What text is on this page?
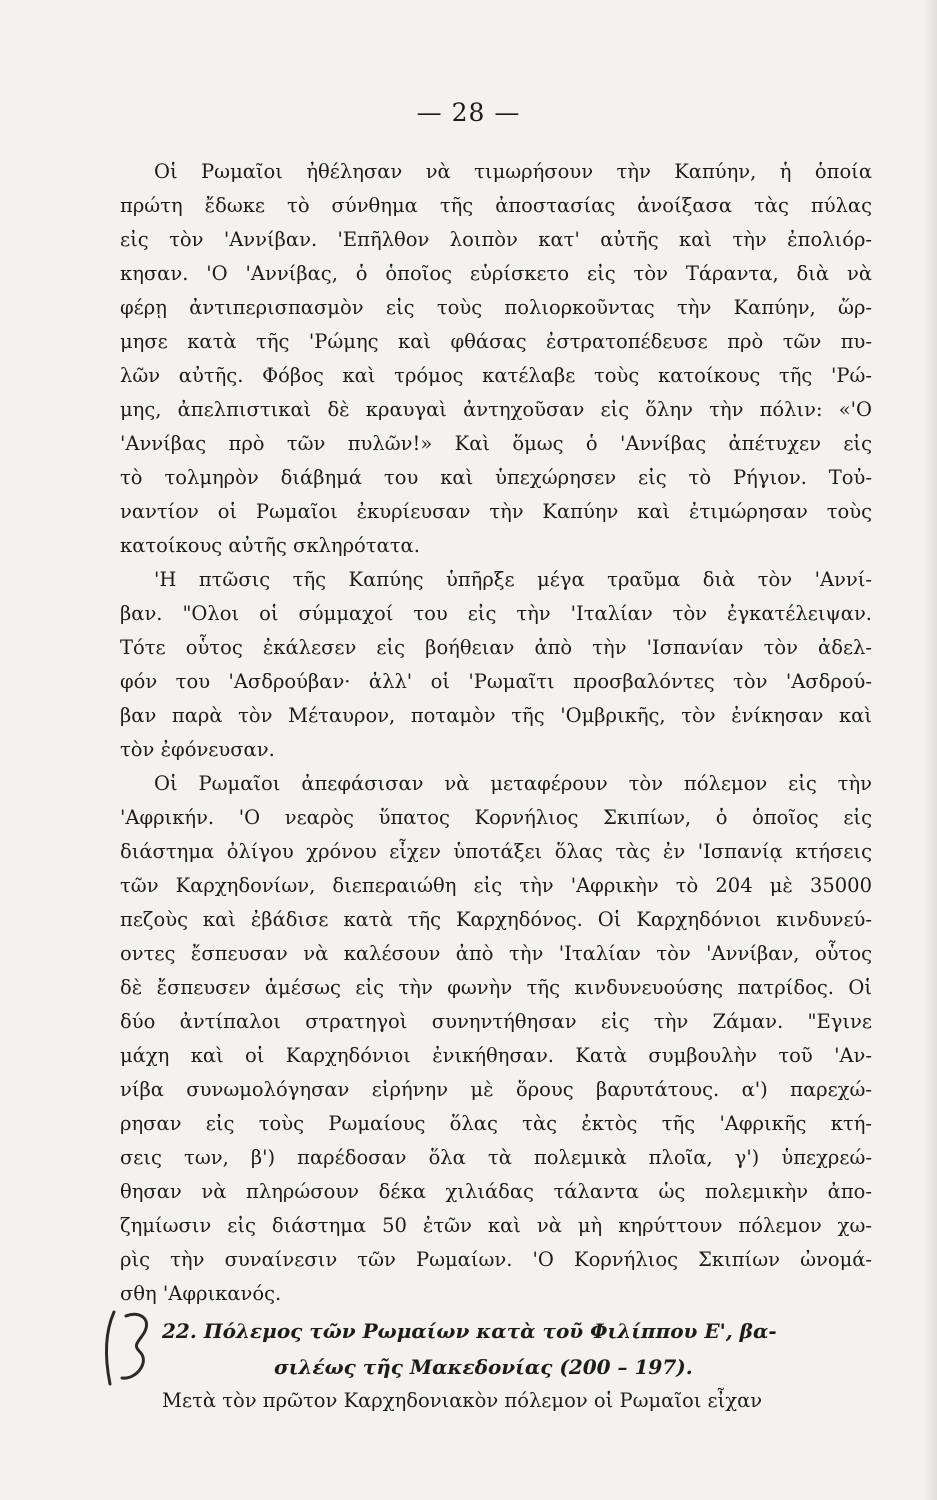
— 28 —
Οἱ Ρωμαῖοι ἠθέλησαν νὰ τιμωρήσουν τὴν Καπύην, ἡ ὁποία
πρώτη ἔδωκε τὸ σύνθημα τῆς ἀποστασίας ἀνοίξασα τὰς πύλας
εἰς τὸν 'Αννίβαν. 'Επῆλθον λοιπὸν κατ' αὐτῆς καὶ τὴν ἐπολιόρ-
κησαν. 'Ο 'Αννίβας, ὁ ὁποῖος εὑρίσκετο εἰς τὸν Τάραντα, διὰ νὰ
φέρῃ ἀντιπερισπασμὸν εἰς τοὺς πολιορκοῦντας τὴν Καπύην, ὥρ-
μησε κατὰ τῆς 'Ρώμης καὶ φθάσας ἐστρατοπέδευσε πρὸ τῶν πυ-
λῶν αὐτῆς. Φόβος καὶ τρόμος κατέλαβε τοὺς κατοίκους τῆς 'Ρώ-
μης, ἀπελπιστικαὶ δὲ κραυγαὶ ἀντηχοῦσαν εἰς ὅλην τὴν πόλιν: «'Ο
'Αννίβας πρὸ τῶν πυλῶν!» Καὶ ὅμως ὁ 'Αννίβας ἀπέτυχεν εἰς
τὸ τολμηρὸν διάβημά του καὶ ὑπεχώρησεν εἰς τὸ Ρήγιον. Τοὐ-
ναντίον οἱ Ρωμαῖοι ἐκυρίευσαν τὴν Καπύην καὶ ἐτιμώρησαν τοὺς
κατοίκους αὐτῆς σκληρότατα.
'Η πτῶσις τῆς Καπύης ὑπῆρξε μέγα τραῦμα διὰ τὸν 'Αννί-
βαν. "Ολοι οἱ σύμμαχοί του εἰς τὴν 'Ιταλίαν τὸν ἐγκατέλειψαν.
Τότε οὗτος ἐκάλεσεν εἰς βοήθειαν ἀπὸ τὴν 'Ισπανίαν τὸν ἀδελ-
φόν του 'Ασδρούβαν· ἀλλ' οἱ 'Ρωμαῖτι προσβαλόντες τὸν 'Ασδρού-
βαν παρὰ τὸν Μέταυρον, ποταμὸν τῆς 'Ομβρικῆς, τὸν ἐνίκησαν καὶ
τὸν ἐφόνευσαν.
Οἱ Ρωμαῖοι ἀπεφάσισαν νὰ μεταφέρουν τὸν πόλεμον εἰς τὴν
'Αφρικήν. 'Ο νεαρὸς ὕπατος Κορνήλιος Σκιπίων, ὁ ὁποῖος εἰς
διάστημα ὀλίγου χρόνου εἶχεν ὑποτάξει ὅλας τὰς ἐν 'Ισπανίᾳ κτήσεις
τῶν Καρχηδονίων, διεπεραιώθη εἰς τὴν 'Αφρικὴν τὸ 204 μὲ 35000
πεζοὺς καὶ ἐβάδισε κατὰ τῆς Καρχηδόνος. Οἱ Καρχηδόνιοι κινδυνεύ-
οντες ἔσπευσαν νὰ καλέσουν ἀπὸ τὴν 'Ιταλίαν τὸν 'Αννίβαν, οὗτος
δὲ ἔσπευσεν ἀμέσως εἰς τὴν φωνὴν τῆς κινδυνευούσης πατρίδος. Οἱ
δύο ἀντίπαλοι στρατηγοὶ συνηντήθησαν εἰς τὴν Ζάμαν. "Εγινε
μάχη καὶ οἱ Καρχηδόνιοι ἐνικήθησαν. Κατὰ συμβουλὴν τοῦ 'Αν-
νίβα συνωμολόγησαν εἰρήνην μὲ ὅρους βαρυτάτους. α') παρεχώ-
ρησαν εἰς τοὺς Ρωμαίους ὅλας τὰς ἐκτὸς τῆς 'Αφρικῆς κτή-
σεις των, β') παρέδοσαν ὅλα τὰ πολεμικὰ πλοῖα, γ') ὑπεχρεώ-
θησαν νὰ πληρώσουν δέκα χιλιάδας τάλαντα ὡς πολεμικὴν ἀπο-
ζημίωσιν εἰς διάστημα 50 ἐτῶν καὶ νὰ μὴ κηρύττουν πόλεμον χω-
ρὶς τὴν συναίνεσιν τῶν Ρωμαίων. 'Ο Κορνήλιος Σκιπίων ὠνομά-
σθη 'Αφρικανός.
22. Πόλεμος τῶν Ρωμαίων κατὰ τοῦ Φιλίππου Ε', βα-
σιλέως τῆς Μακεδονίας (200 – 197).
Μετὰ τὸν πρῶτον Καρχηδονιακὸν πόλεμον οἱ Ρωμαῖοι εἶχαν
